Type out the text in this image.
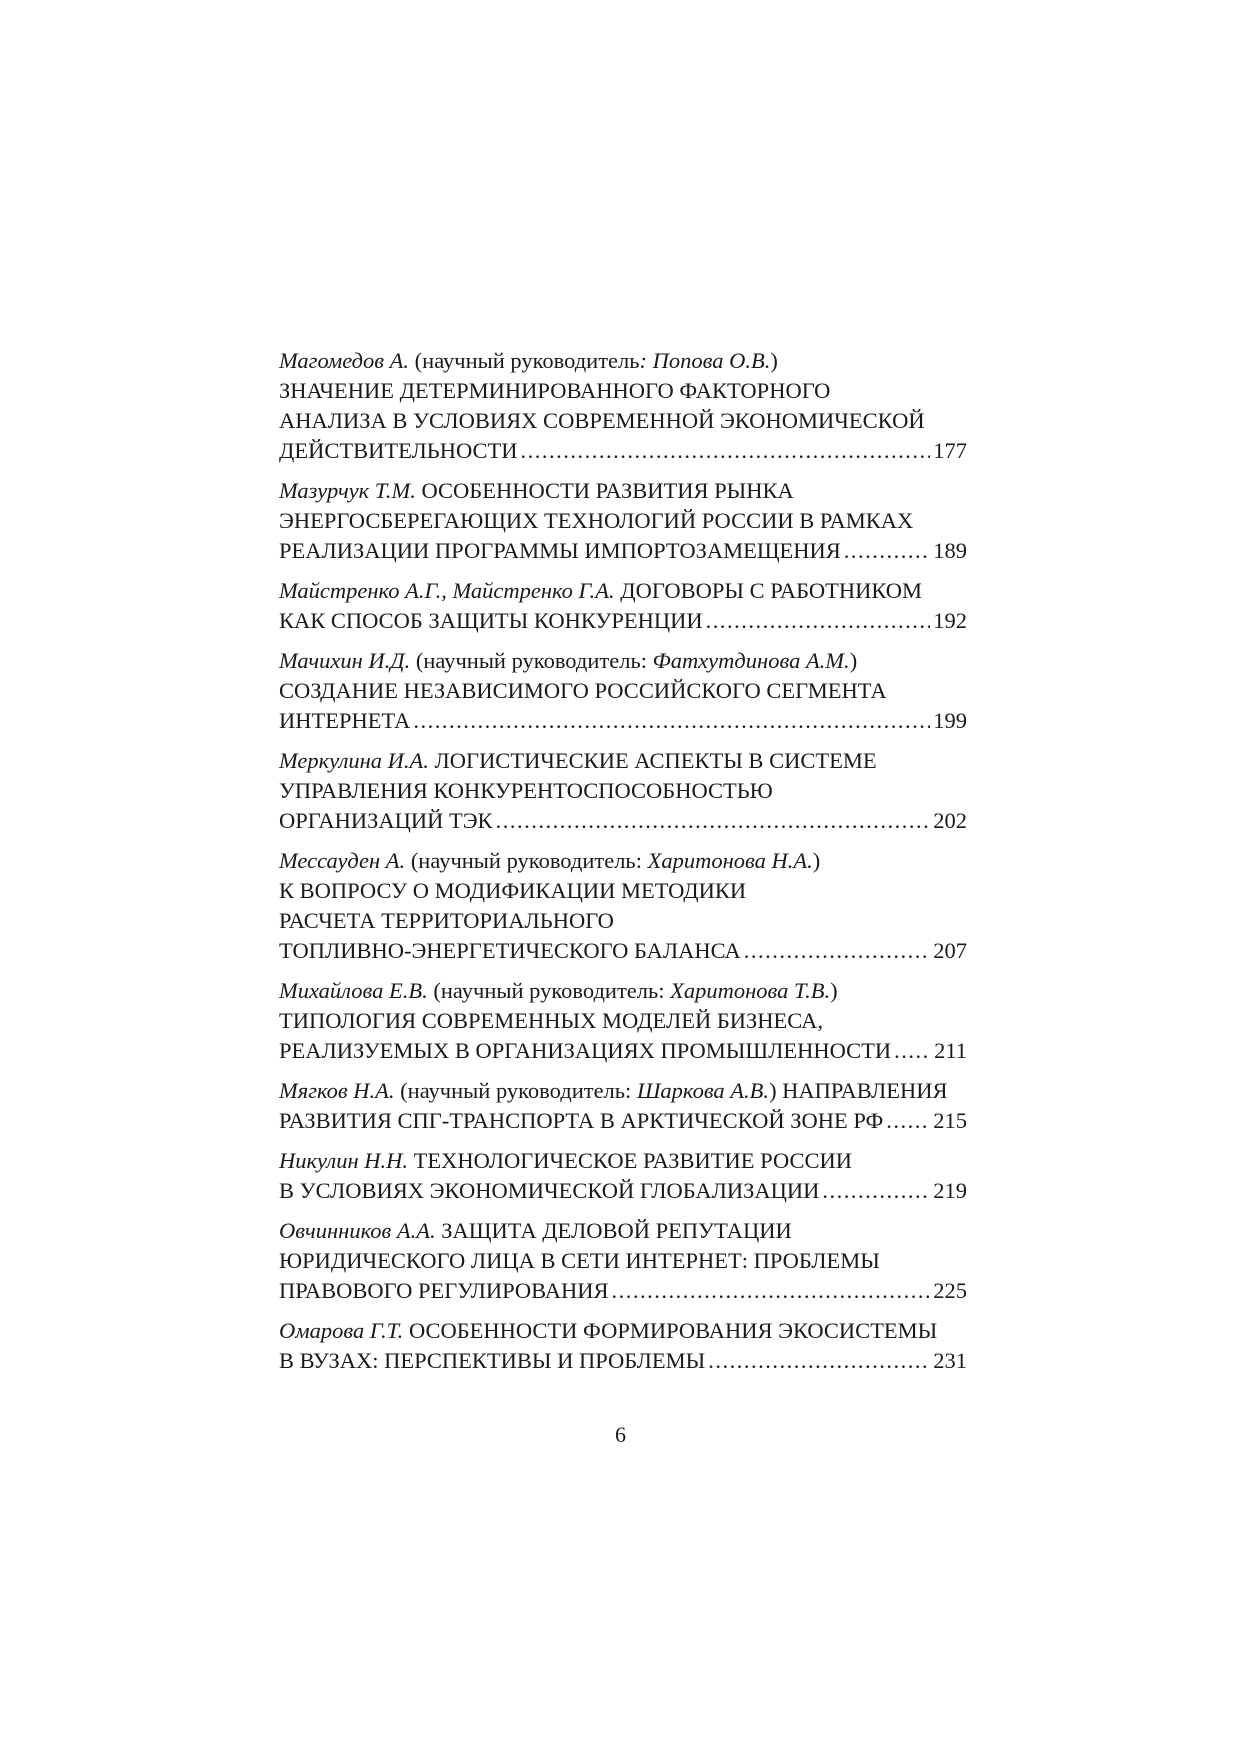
Магомедов А. (научный руководитель: Попова О.В.)
ЗНАЧЕНИЕ ДЕТЕРМИНИРОВАННОГО ФАКТОРНОГО
АНАЛИЗА В УСЛОВИЯХ СОВРЕМЕННОЙ ЭКОНОМИЧЕСКОЙ
ДЕЙСТВИТЕЛЬНОСТИ .....	177
Мазурчук Т.М. ОСОБЕННОСТИ РАЗВИТИЯ РЫНКА
ЭНЕРГОСБЕРЕГАЮЩИХ ТЕХНОЛОГИЙ РОССИИ В РАМКАХ
РЕАЛИЗАЦИИ ПРОГРАММЫ ИМПОРТОЗАМЕЩЕНИЯ .....	189
Майстренко А.Г., Майстренко Г.А. ДОГОВОРЫ С РАБОТНИКОМ
КАК СПОСОБ ЗАЩИТЫ КОНКУРЕНЦИИ .....	192
Мачихин И.Д. (научный руководитель: Фатхутдинова А.М.)
СОЗДАНИЕ НЕЗАВИСИМОГО РОССИЙСКОГО СЕГМЕНТА
ИНТЕРНЕТА .....	199
Меркулина И.А. ЛОГИСТИЧЕСКИЕ АСПЕКТЫ В СИСТЕМЕ
УПРАВЛЕНИЯ КОНКУРЕНТОСПОСОБНОСТЬЮ
ОРГАНИЗАЦИЙ ТЭК .....	202
Мессауден А. (научный руководитель: Харитонова Н.А.)
К ВОПРОСУ О МОДИФИКАЦИИ МЕТОДИКИ
РАСЧЕТА ТЕРРИТОРИАЛЬНОГО
ТОПЛИВНО-ЭНЕРГЕТИЧЕСКОГО БАЛАНСА .....	207
Михайлова Е.В. (научный руководитель: Харитонова Т.В.)
ТИПОЛОГИЯ СОВРЕМЕННЫХ МОДЕЛЕЙ БИЗНЕСА,
РЕАЛИЗУЕМЫХ В ОРГАНИЗАЦИЯХ ПРОМЫШЛЕННОСТИ ..... 211
Мягков Н.А. (научный руководитель: Шаркова А.В.) НАПРАВЛЕНИЯ
РАЗВИТИЯ СПГ-ТРАНСПОРТА В АРКТИЧЕСКОЙ ЗОНЕ РФ ..... 215
Никулин Н.Н. ТЕХНОЛОГИЧЕСКОЕ РАЗВИТИЕ РОССИИ
В УСЛОВИЯХ ЭКОНОМИЧЕСКОЙ ГЛОБАЛИЗАЦИИ .....	219
Овчинников А.А. ЗАЩИТА ДЕЛОВОЙ РЕПУТАЦИИ
ЮРИДИЧЕСКОГО ЛИЦА В СЕТИ ИНТЕРНЕТ: ПРОБЛЕМЫ
ПРАВОВОГО РЕГУЛИРОВАНИЯ .....	225
Омарова Г.Т. ОСОБЕННОСТИ ФОРМИРОВАНИЯ ЭКОСИСТЕМЫ
В ВУЗАХ: ПЕРСПЕКТИВЫ И ПРОБЛЕМЫ .....	231
6
